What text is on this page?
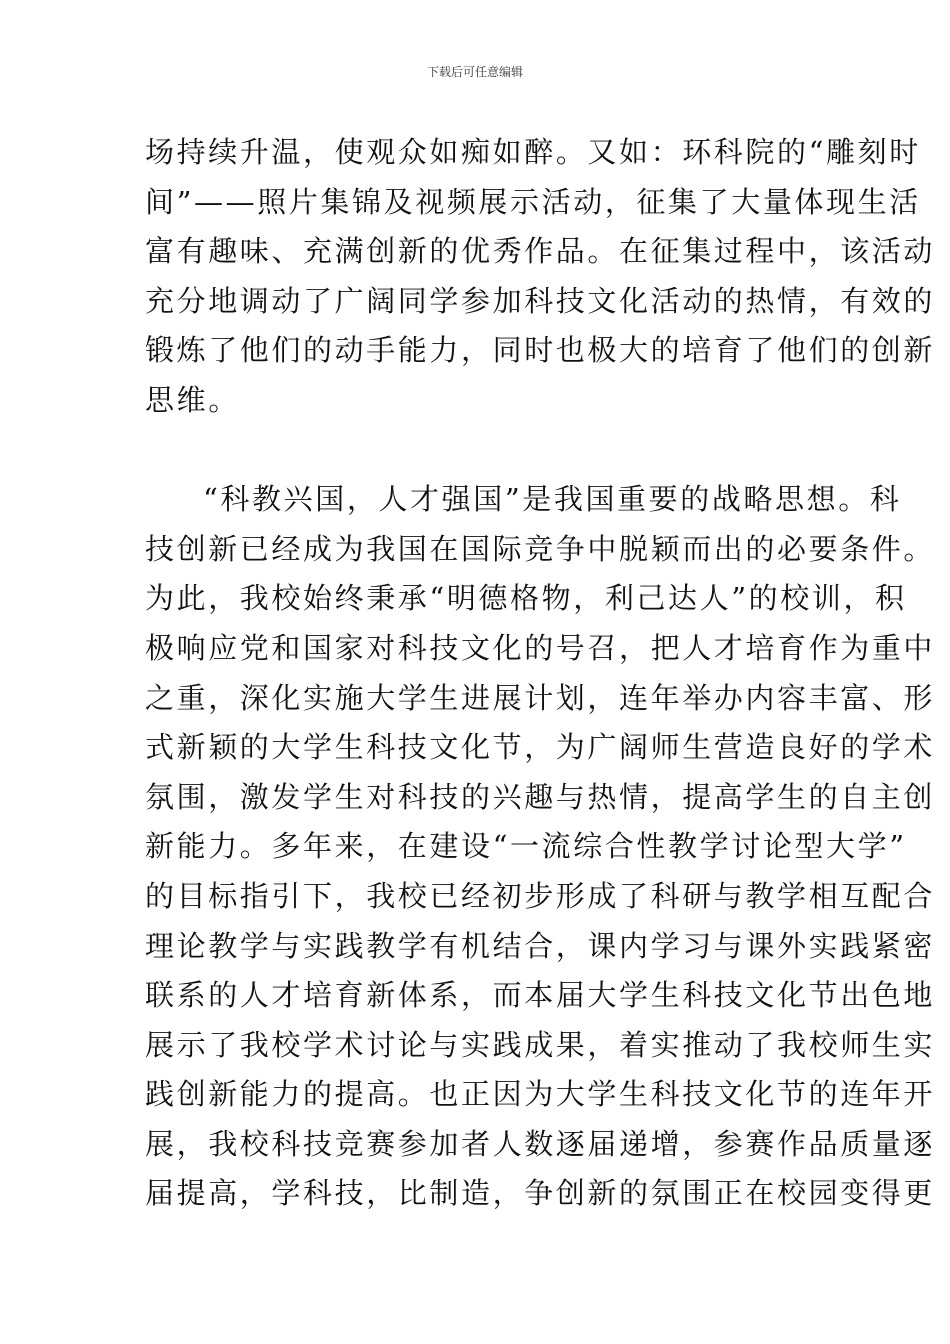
下载后可任意编辑

场持续升温，使观众如痴如醉。又如：环科院的“雕刻时
间”——照片集锦及视频展示活动，征集了大量体现生活
富有趣味、充满创新的优秀作品。在征集过程中，该活动
充分地调动了广阔同学参加科技文化活动的热情，有效的
锻炼了他们的动手能力，同时也极大的培育了他们的创新
思维。

“科教兴国，人才强国”是我国重要的战略思想。科
技创新已经成为我国在国际竞争中脱颖而出的必要条件。
为此，我校始终秉承“明德格物，利己达人”的校训，积
极响应党和国家对科技文化的号召，把人才培育作为重中
之重，深化实施大学生进展计划，连年举办内容丰富、形
式新颖的大学生科技文化节，为广阔师生营造良好的学术
氛围，激发学生对科技的兴趣与热情，提高学生的自主创
新能力。多年来，在建设“一流综合性教学讨论型大学”
的目标指引下，我校已经初步形成了科研与教学相互配合
理论教学与实践教学有机结合，课内学习与课外实践紧密
联系的人才培育新体系，而本届大学生科技文化节出色地
展示了我校学术讨论与实践成果，着实推动了我校师生实
践创新能力的提高。也正因为大学生科技文化节的连年开
展，我校科技竞赛参加者人数逐届递增，参赛作品质量逐
届提高，学科技，比制造，争创新的氛围正在校园变得更
